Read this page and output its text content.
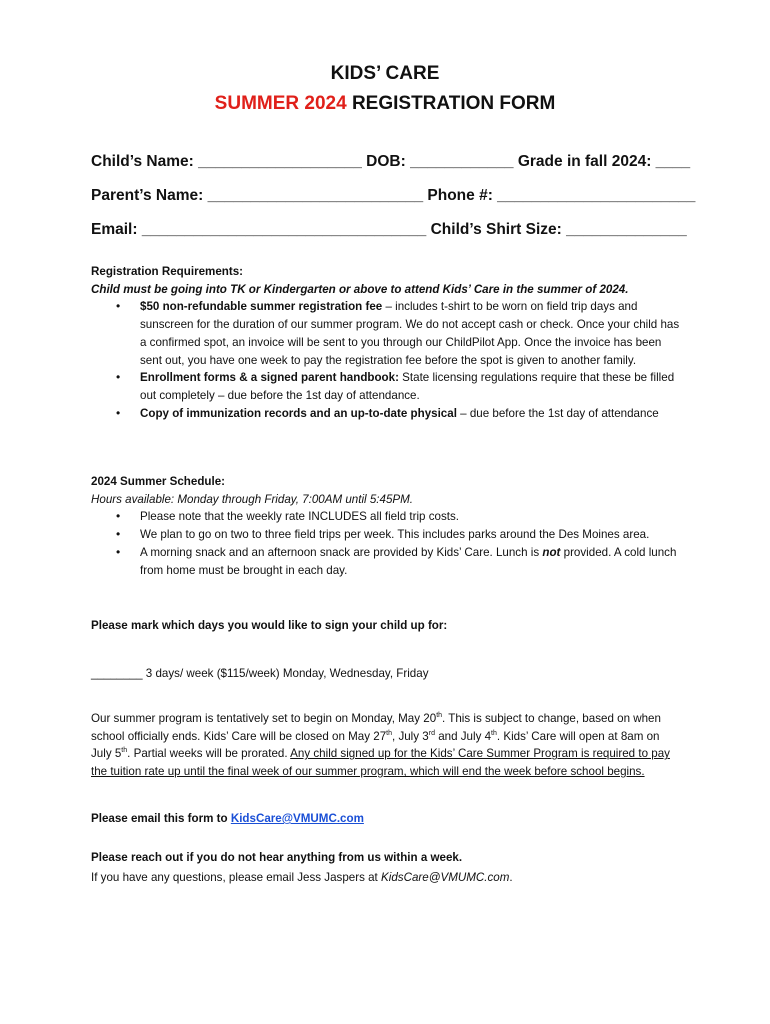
KIDS’ CARE
SUMMER 2024 REGISTRATION FORM
Child’s Name: ___________________ DOB: ____________ Grade in fall 2024: ____
Parent’s Name: _________________________ Phone #: _______________________
Email: _________________________________ Child’s Shirt Size: ______________
Registration Requirements:
Child must be going into TK or Kindergarten or above to attend Kids’ Care in the summer of 2024.
• $50 non-refundable summer registration fee – includes t-shirt to be worn on field trip days and sunscreen for the duration of our summer program. We do not accept cash or check. Once your child has a confirmed spot, an invoice will be sent to you through our ChildPilot App. Once the invoice has been sent out, you have one week to pay the registration fee before the spot is given to another family.
• Enrollment forms & a signed parent handbook: State licensing regulations require that these be filled out completely – due before the 1st day of attendance.
• Copy of immunization records and an up-to-date physical – due before the 1st day of attendance
2024 Summer Schedule:
Hours available: Monday through Friday, 7:00AM until 5:45PM.
• Please note that the weekly rate INCLUDES all field trip costs.
• We plan to go on two to three field trips per week. This includes parks around the Des Moines area.
• A morning snack and an afternoon snack are provided by Kids’ Care. Lunch is not provided. A cold lunch from home must be brought in each day.
Please mark which days you would like to sign your child up for:
________ 3 days/ week ($115/week) Monday, Wednesday, Friday
Our summer program is tentatively set to begin on Monday, May 20th. This is subject to change, based on when school officially ends. Kids’ Care will be closed on May 27th, July 3rd and July 4th. Kids’ Care will open at 8am on July 5th. Partial weeks will be prorated. Any child signed up for the Kids’ Care Summer Program is required to pay the tuition rate up until the final week of our summer program, which will end the week before school begins.
Please email this form to KidsCare@VMUMC.com
Please reach out if you do not hear anything from us within a week.
If you have any questions, please email Jess Jaspers at KidsCare@VMUMC.com.
